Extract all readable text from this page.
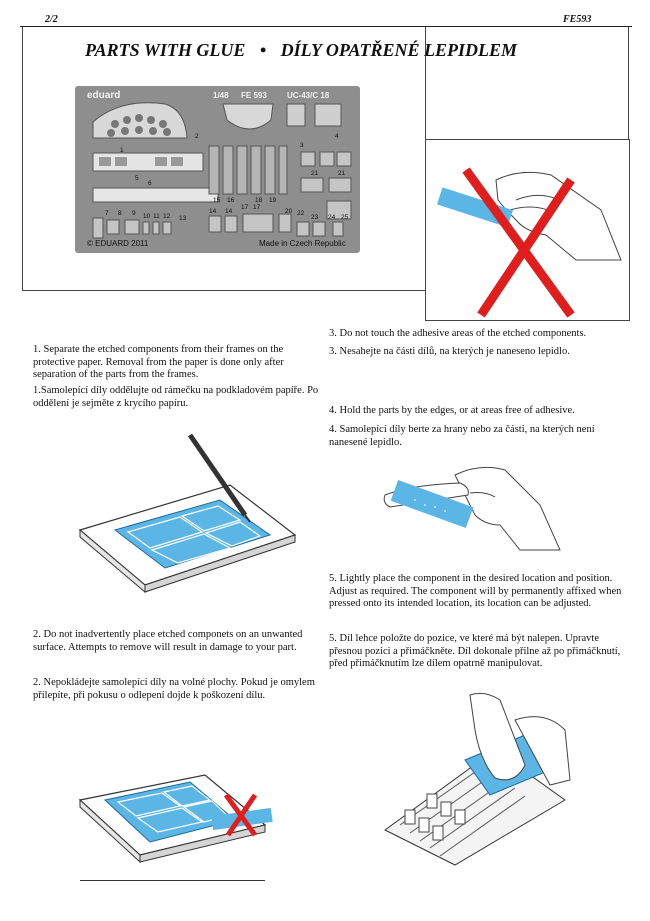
2/2	FE593
PARTS WITH GLUE • DÍLY OPATŘENÉ LEPIDLEM
eduard	1/48 FE 593	UC-43/C 18
© EDUARD 2011	Made in Czech Republic
1
2
3
4
5
6
7 8 9 10 11 12 13
14 14
15 16
17 17
18 19
20
21	21
22
23 24 25
1. Separate the etched components from their frames on the protective paper. Removal from the paper is done only after separation of the parts from the frames.
1.Samolepící díly oddělujte od rámečku na podkladovém papíře. Po oddělení je sejměte z krycího papíru.
2. Do not inadvertently place etched componets on an unwanted surface. Attempts to remove will result in damage to your part.
2. Nepokládejte samolepící díly na volné plochy. Pokud je omylem přilepíte, při pokusu o odlepení dojde k poškození dílu.
3. Do not touch the adhesive areas of the etched components.
3. Nesahejte na části dílů, na kterých je naneseno lepidlo.
4. Hold the parts by the edges, or at areas free of adhesive.
4. Samolepící díly berte za hrany nebo za části, na kterých není nanesené lepidlo.
5. Lightly place the component in the desired location and position. Adjust as required. The component will by permanently affixed when pressed onto its intended location, its location can be adjusted.
5. Díl lehce položte do pozice, ve které má být nalepen. Upravte přesnou pozici a přimáčkněte. Díl dokonale přilne až po přimáčknutí, před přimáčknutím lze dílem opatrně manipulovat.
